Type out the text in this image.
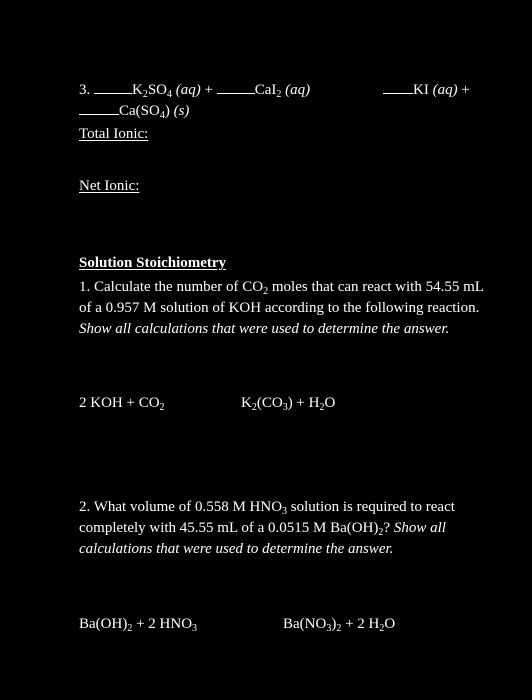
3.	$K_2SO_4$ (aq) +	CaI$_2$ (aq)	KI (aq) +
$Ca(SO_4)$ (s)
Total Ionic:
Net Ionic:
Solution Stoichiometry
1. Calculate the number of $CO_2$ moles that can react with 54.55 mL of a 0.957 M solution of KOH according to the following reaction. Show all calculations that were used to determine the answer.
2 KOH + $CO_2$	$K_2(CO_3) + H_2O$
2. What volume of 0.558 M $HNO_3$ solution is required to react completely with 45.55 mL of a 0.0515 M $Ba(OH)_2$? Show all calculations that were used to determine the answer.
$Ba(OH)_2 + 2$ $HNO_3$	$Ba(NO_3)_2 + 2$ $H_2O$
